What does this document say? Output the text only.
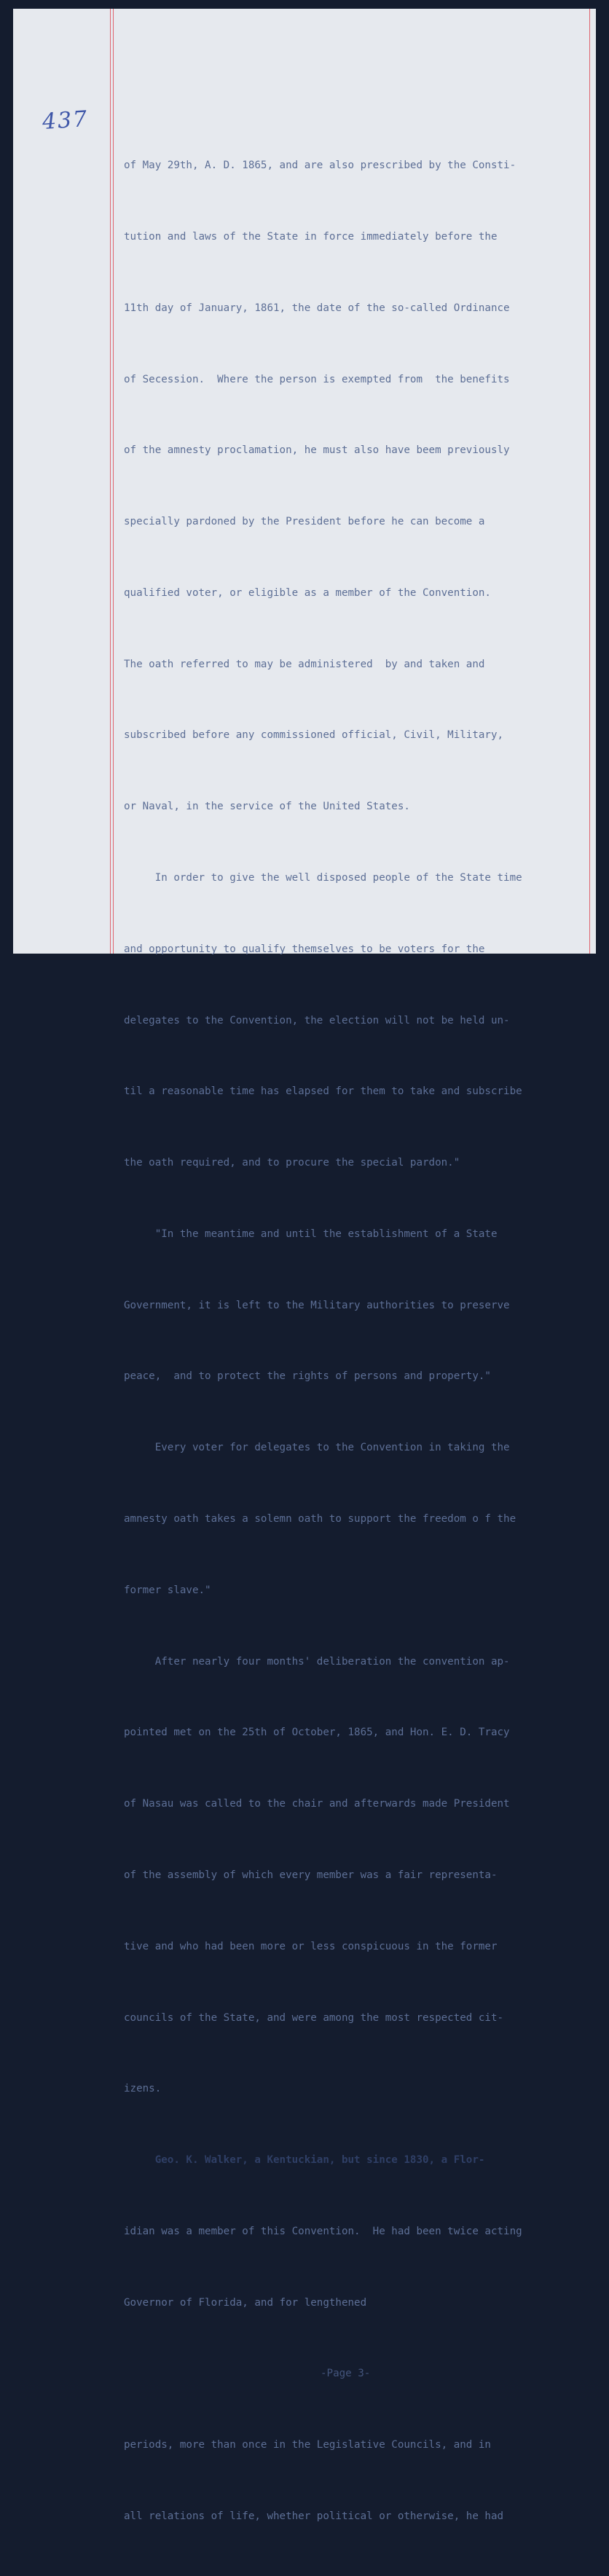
437

of May 29th, A. D. 1865, and are also prescribed by the Consti-

tution and laws of the State in force immediately before the

11th day of January, 1861, the date of the so-called Ordinance

of Secession.  Where the person is exempted from  the benefits

of the amnesty proclamation, he must also have beem previously

specially pardoned by the President before he can become a

qualified voter, or eligible as a member of the Convention.

The oath referred to may be administered  by and taken and

subscribed before any commissioned official, Civil, Military,

or Naval, in the service of the United States.

In order to give the well disposed people of the State time

and opportunity to qualify themselves to be voters for the

delegates to the Convention, the election will not be held un-

til a reasonable time has elapsed for them to take and subscribe

the oath required, and to procure the special pardon."

"In the meantime and until the establishment of a State

Government, it is left to the Military authorities to preserve

peace,  and to protect the rights of persons and property."

Every voter for delegates to the Convention in taking the

amnesty oath takes a solemn oath to support the freedom o f the

former slave."

After nearly four months' deliberation the convention ap-

pointed met on the 25th of October, 1865, and Hon. E. D. Tracy

of Nasau was called to the chair and afterwards made President

of the assembly of which every member was a fair representa-

tive and who had been more or less conspicuous in the former

councils of the State, and were among the most respected cit-

izens.

Geo. K. Walker, a Kentuckian, but since 1830, a Flor-

idian was a member of this Convention.  He had been twice acting

Governor of Florida, and for lengthened

-Page 3-

periods, more than once in the Legislative Councils, and in

all relations of life, whether political or otherwise, he had
